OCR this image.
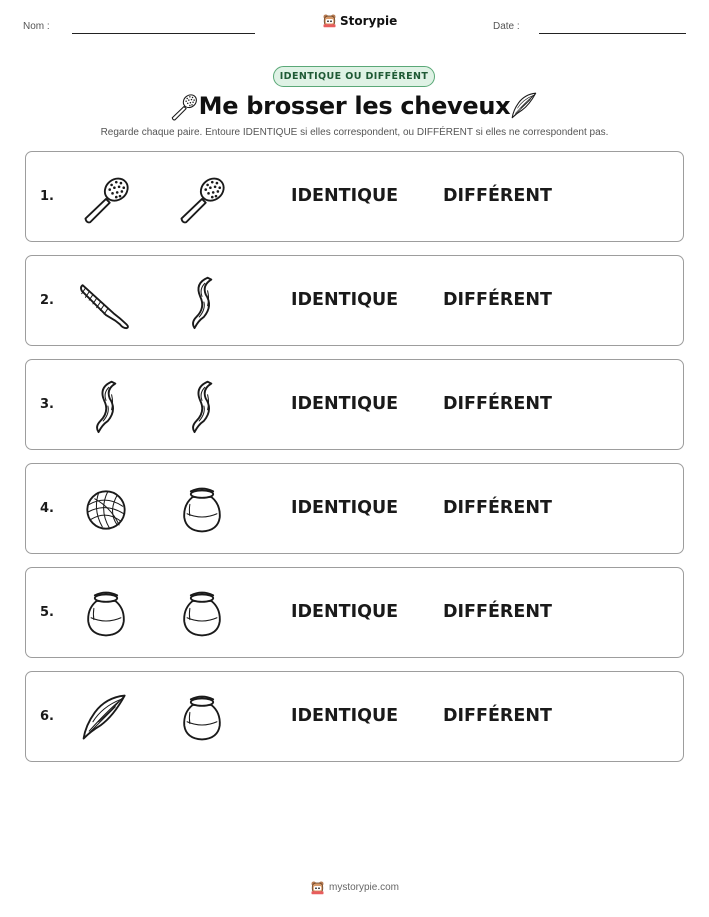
Nom :	Storypie	Date :
IDENTIQUE OU DIFFÉRENT
Me brosser les cheveux
Regarde chaque paire. Entoure IDENTIQUE si elles correspondent, ou DIFFÉRENT si elles ne correspondent pas.
1.	IDENTIQUE	DIFFÉRENT
2.	IDENTIQUE	DIFFÉRENT
3.	IDENTIQUE	DIFFÉRENT
4.	IDENTIQUE	DIFFÉRENT
5.	IDENTIQUE	DIFFÉRENT
6.	IDENTIQUE	DIFFÉRENT
mystorypie.com
